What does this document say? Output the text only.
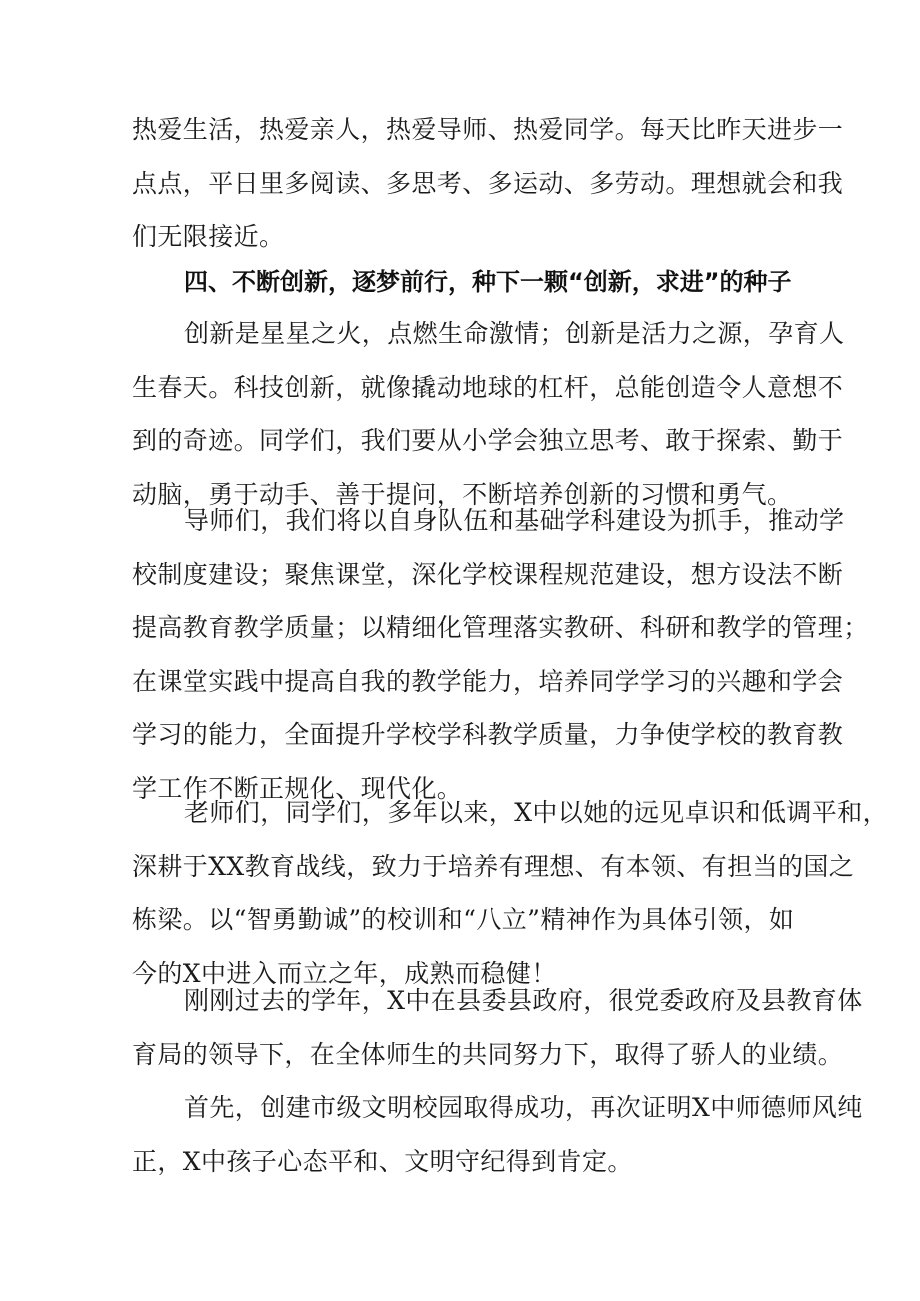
热爱生活，热爱亲人，热爱导师、热爱同学。每天比昨天进步一
点点，平日里多阅读、多思考、多运动、多劳动。理想就会和我
们无限接近。
四、不断创新，逐梦前行，种下一颗“创新，求进”的种子
创新是星星之火，点燃生命激情；创新是活力之源，孕育人
生春天。科技创新，就像撬动地球的杠杆，总能创造令人意想不
到的奇迹。同学们，我们要从小学会独立思考、敢于探索、勤于
动脑，勇于动手、善于提问，不断培养创新的习惯和勇气。
导师们，我们将以自身队伍和基础学科建设为抓手，推动学
校制度建设；聚焦课堂，深化学校课程规范建设，想方设法不断
提高教育教学质量；以精细化管理落实教研、科研和教学的管理；
在课堂实践中提高自我的教学能力，培养同学学习的兴趣和学会
学习的能力，全面提升学校学科教学质量，力争使学校的教育教
学工作不断正规化、现代化。
老师们，同学们，多年以来，X中以她的远见卓识和低调平和，
深耕于XX教育战线，致力于培养有理想、有本领、有担当的国之
栋梁。以“智勇勤诚”的校训和“八立”精神作为具体引领，如
今的X中进入而立之年，成熟而稳健！
刚刚过去的学年，X中在县委县政府，很党委政府及县教育体
育局的领导下，在全体师生的共同努力下，取得了骄人的业绩。
首先，创建市级文明校园取得成功，再次证明X中师德师风纯
正，X中孩子心态平和、文明守纪得到肯定。
